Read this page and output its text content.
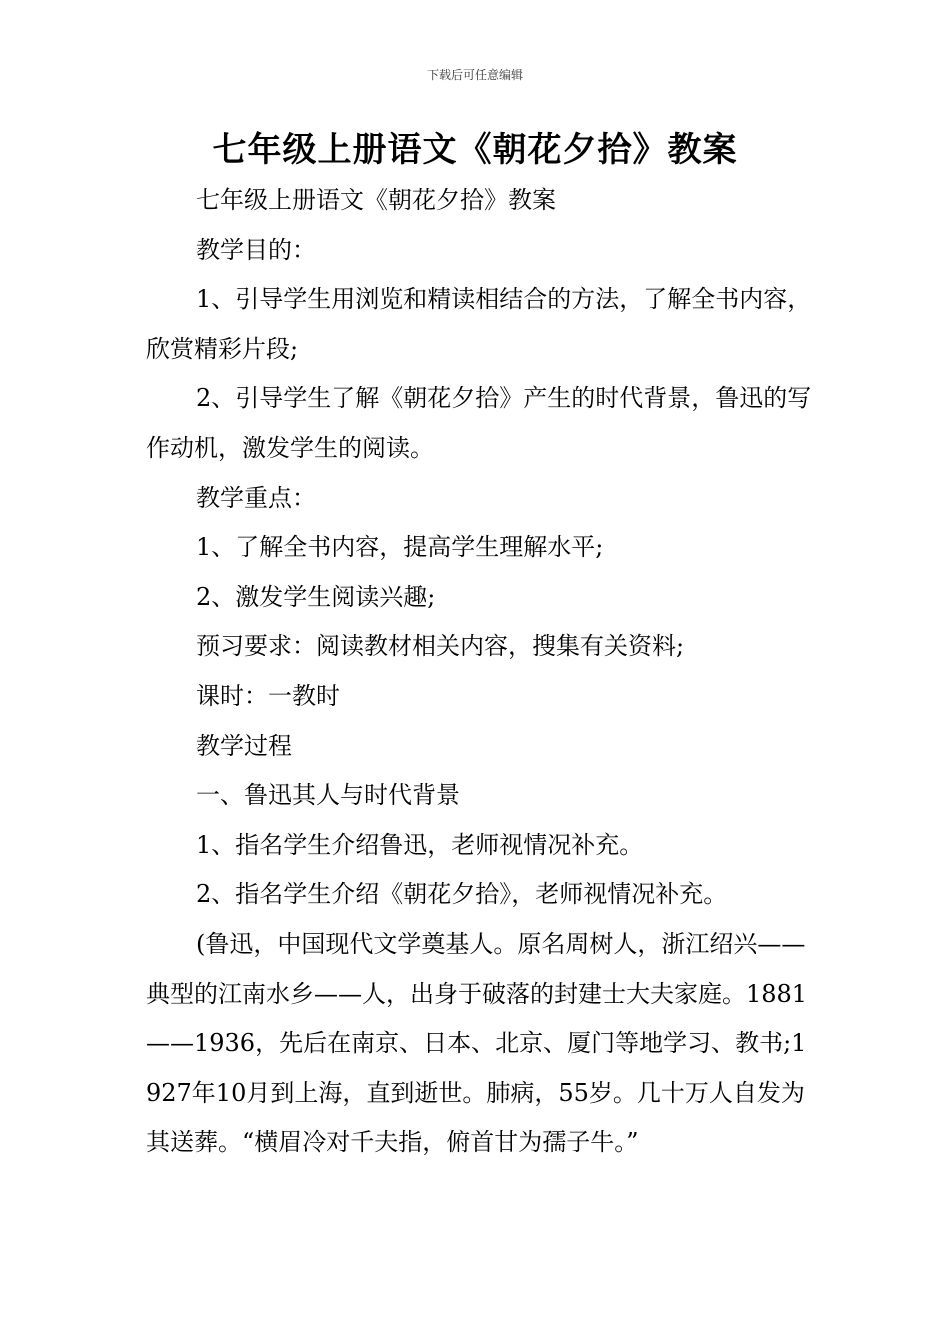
下载后可任意编辑
七年级上册语文《朝花夕拾》教案

七年级上册语文《朝花夕拾》教案

教学目的：

1、引导学生用浏览和精读相结合的方法，了解全书内容，欣赏精彩片段;

2、引导学生了解《朝花夕拾》产生的时代背景，鲁迅的写作动机，激发学生的阅读。

教学重点：

1、了解全书内容，提高学生理解水平;

2、激发学生阅读兴趣;

预习要求：阅读教材相关内容，搜集有关资料;

课时：一教时

教学过程

一、鲁迅其人与时代背景

1、指名学生介绍鲁迅，老师视情况补充。

2、指名学生介绍《朝花夕拾》，老师视情况补充。

(鲁迅，中国现代文学奠基人。原名周树人，浙江绍兴——典型的江南水乡——人，出身于破落的封建士大夫家庭。1881——1936，先后在南京、日本、北京、厦门等地学习、教书;1927年10月到上海，直到逝世。肺病，55岁。几十万人自发为其送葬。“横眉冷对千夫指，俯首甘为孺子牛。”
